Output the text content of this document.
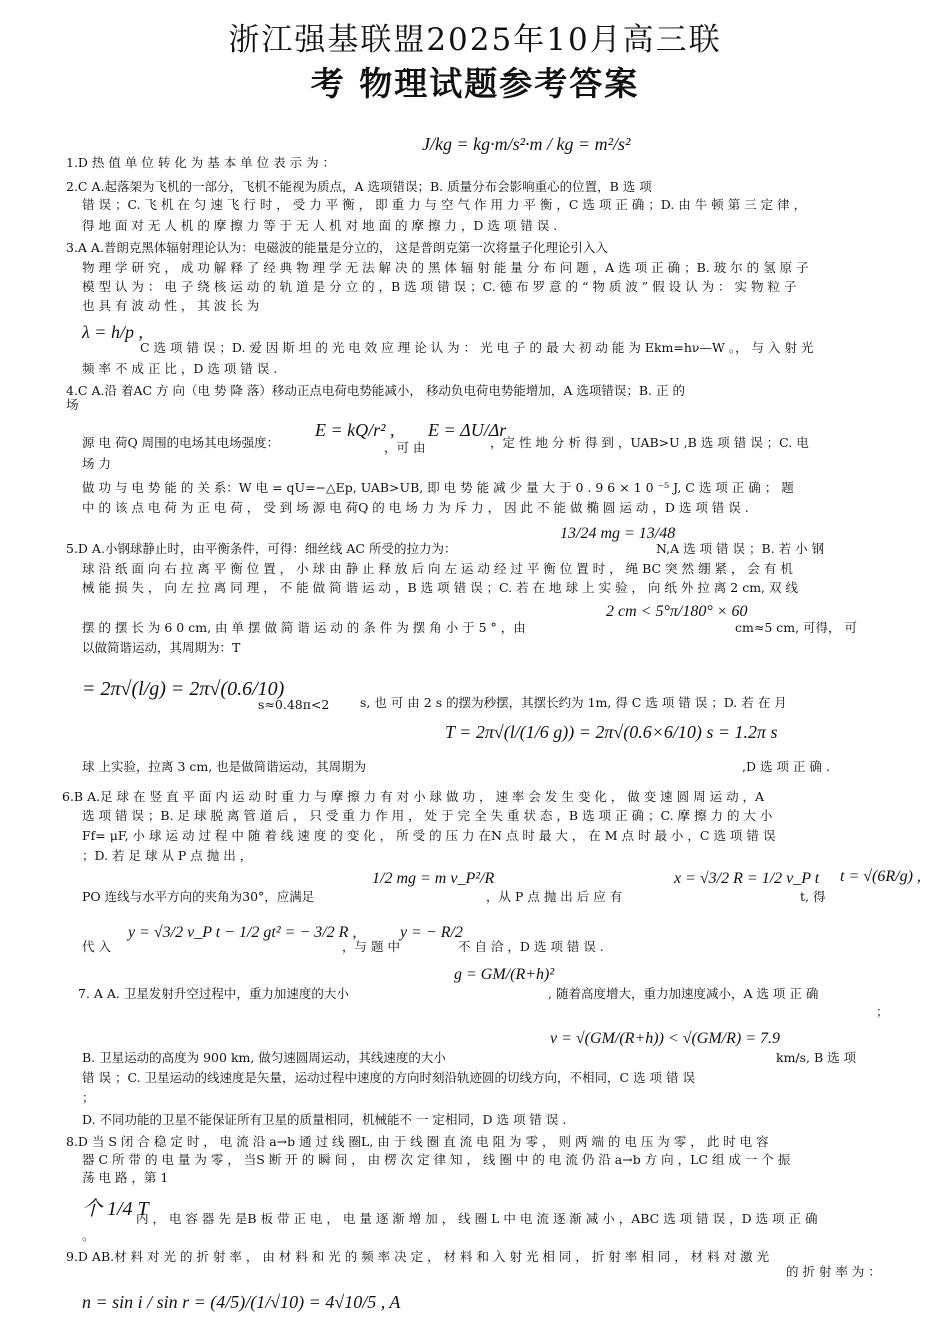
浙江强基联盟2025年10月高三联
考 物理试题参考答案
1.D 热 值 单 位 转 化 为 基 本 单 位 表 示 为 ：
J/kg = kg·m/s²·m / kg = m²/s²
2.C A.起落架为飞机的一部分，飞机不能视为质点，A 选项错误；B. 质量分布会影响重心的位置，B 选 项
错 误 ；C. 飞 机 在 匀 速 飞 行 时 ， 受 力 平 衡 ， 即 重 力 与 空 气 作 用 力 平 衡 ，C 选 项 正 确 ；D. 由 牛 顿 第 三 定 律 ，
得 地 面 对 无 人 机 的 摩 擦 力 等 于 无 人 机 对 地 面 的 摩 擦 力 ，D 选 项 错 误 .
3.A A.普朗克黑体辐射理论认为：电磁波的能量是分立的， 这是普朗克第一次将量子化理论引入入
物 理 学 研 究 ， 成 功 解 释 了 经 典 物 理 学 无 法 解 决 的 黑 体 辐 射 能 量 分 布 问 题 ，A 选 项 正 确 ；B. 玻 尔 的 氢 原 子
模 型 认 为 ： 电 子 绕 核 运 动 的 轨 道 是 分 立 的 ，B 选 项 错 误 ；C. 德 布 罗 意 的 “ 物 质 波 ” 假 设 认 为 ： 实 物 粒 子
也 具 有 波 动 性 ， 其 波 长 为
λ = h/p ,
C 选 项 错 误 ；D. 爱 因 斯 坦 的 光 电 效 应 理 论 认 为 ： 光 电 子 的 最 大 初 动 能 为 Ekm=hν—W 。， 与 入 射 光
频 率 不 成 正 比 ，D 选 项 错 误 .
4.C A.沿 着AC 方 向（电 势 降 落）移动正点电荷电势能减小， 移动负电荷电势能增加，A 选项错误；B. 正 的
场
源 电 荷Q 周围的电场其电场强度：
E = kQ/r² ,
，可 由
E = ΔU/Δr
，定 性 地 分 析 得 到 ，UAB>U ,B 选 项 错 误 ；C. 电
场 力
做 功 与 电 势 能 的 关 系：W 电 = qU=−△Ep, UAB>UB, 即 电 势 能 减 少 量 大 于 0 . 9 6 × 1 0 ⁻⁵ J, C 选 项 正 确 ； 题
中 的 该 点 电 荷 为 正 电 荷 ， 受 到 场 源 电 荷Q 的 电 场 力 为 斥 力 ， 因 此 不 能 做 椭 圆 运 动 ，D 选 项 错 误 .
5.D A.小钢球静止时，由平衡条件，可得：细丝线 AC 所受的拉力为：
13/24 mg = 13/48
N,A 选 项 错 误 ；B. 若 小 钢
球 沿 纸 面 向 右 拉 离 平 衡 位 置 ， 小 球 由 静 止 释 放 后 向 左 运 动 经 过 平 衡 位 置 时 ， 绳 BC 突 然 绷 紧 ， 会 有 机
械 能 损 失 ， 向 左 拉 离 同 理 ， 不 能 做 简 谐 运 动 ，B 选 项 错 误 ；C. 若 在 地 球 上 实 验 ， 向 纸 外 拉 离 2 cm, 双 线
摆 的 摆 长 为 6 0 cm, 由 单 摆 做 简 谐 运 动 的 条 件 为 摆 角 小 于 5 ° ，由
2 cm < 5°π/180° × 60
cm≈5 cm, 可得， 可
以做简谐运动，其周期为：T
= 2π√(l/g) = 2π√(0.6/10)
s≈0.48π<2	s, 也 可 由 2 s 的摆为秒摆，其摆长约为 1m, 得 C 选 项 错 误 ；D. 若 在 月
T = 2π√(l/(1/6 g)) = 2π√(0.6×6/10) s = 1.2π s
球 上实验，拉离 3 cm, 也是做简谐运动，其周期为	,D 选 项 正 确 .
6.B A.足 球 在 竖 直 平 面 内 运 动 时 重 力 与 摩 擦 力 有 对 小 球 做 功 ， 速 率 会 发 生 变 化 ， 做 变 速 圆 周 运 动 ，A
选 项 错 误 ；B. 足 球 脱 离 管 道 后 ， 只 受 重 力 作 用 ， 处 于 完 全 失 重 状 态 ，B 选 项 正 确 ；C. 摩 擦 力 的 大 小
Ff= μF, 小 球 运 动 过 程 中 随 着 线 速 度 的 变 化 ， 所 受 的 压 力 在N 点 时 最 大 ， 在 M 点 时 最 小 ，C 选 项 错 误
；D. 若 足 球 从 P 点 抛 出 ，
PO 连线与水平方向的夹角为30°，应满足
1/2 mg = m v_P²/R
，从 P 点 抛 出 后 应 有
x = √3/2 R = 1/2 v_P t
t, 得
t = √(6R/g) ,
代 入
y = √3/2 v_P t − 1/2 gt² = − 3/2 R ,
，与 题 中
y = − R/2
不 自 洽 ，D 选 项 错 误 .
7. A A. 卫星发射升空过程中，重力加速度的大小
g = GM/(R+h)²
, 随着高度增大，重力加速度减小，A 选 项 正 确
；
B. 卫星运动的高度为 900 km, 做匀速圆周运动，其线速度的大小
v = √(GM/(R+h)) < √(GM/R) = 7.9
km/s, B 选 项
错 误 ；C. 卫星运动的线速度是矢量，运动过程中速度的方向时刻沿轨迹圆的切线方向，不相同，C 选 项 错 误
；
D. 不同功能的卫星不能保证所有卫星的质量相同，机械能不 一 定相同，D 选 项 错 误 .
8.D 当 S 闭 合 稳 定 时 ， 电 流 沿 a→b 通 过 线 圈L, 由 于 线 圈 直 流 电 阻 为 零 ， 则 两 端 的 电 压 为 零 ， 此 时 电 容
器 C 所 带 的 电 量 为 零 ， 当S 断 开 的 瞬 间 ， 由 楞 次 定 律 知 ， 线 圈 中 的 电 流 仍 沿 a→b 方 向 ，LC 组 成 一 个 振
荡 电 路 ，第 1
个 1/4 T
内 ， 电 容 器 先 是B 板 带 正 电 ， 电 量 逐 渐 增 加 ， 线 圈 L 中 电 流 逐 渐 减 小 ，ABC 选 项 错 误 ，D 选 项 正 确
。
9.D AB.材 料 对 光 的 折 射 率 ， 由 材 料 和 光 的 频 率 决 定 ， 材 料 和 入 射 光 相 同 ， 折 射 率 相 同 ， 材 料 对 激 光
的 折 射 率 为 ：
n = sin i / sin r = (4/5)/(1/√10) = 4√10/5 , A
